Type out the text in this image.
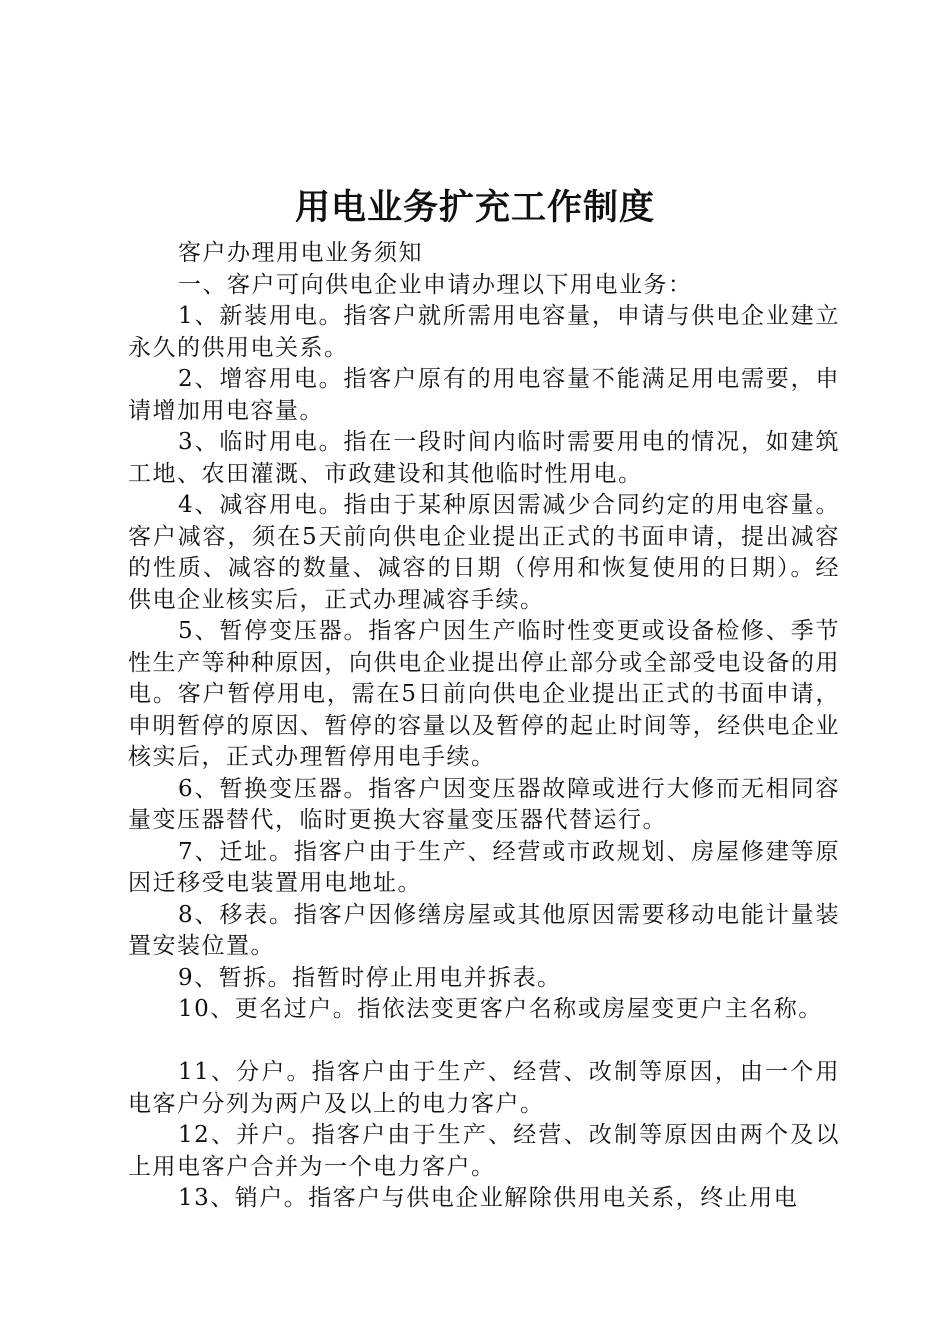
用电业务扩充工作制度

客户办理用电业务须知

一、客户可向供电企业申请办理以下用电业务：

1、新装用电。指客户就所需用电容量，申请与供电企业建立永久的供用电关系。

2、增容用电。指客户原有的用电容量不能满足用电需要，申请增加用电容量。

3、临时用电。指在一段时间内临时需要用电的情况，如建筑工地、农田灌溉、市政建设和其他临时性用电。

4、减容用电。指由于某种原因需减少合同约定的用电容量。客户减容，须在5天前向供电企业提出正式的书面申请，提出减容的性质、减容的数量、减容的日期（停用和恢复使用的日期）。经供电企业核实后，正式办理减容手续。

5、暂停变压器。指客户因生产临时性变更或设备检修、季节性生产等种种原因，向供电企业提出停止部分或全部受电设备的用电。客户暂停用电，需在5日前向供电企业提出正式的书面申请，申明暂停的原因、暂停的容量以及暂停的起止时间等，经供电企业核实后，正式办理暂停用电手续。

6、暂换变压器。指客户因变压器故障或进行大修而无相同容量变压器替代，临时更换大容量变压器代替运行。

7、迁址。指客户由于生产、经营或市政规划、房屋修建等原因迁移受电装置用电地址。

8、移表。指客户因修缮房屋或其他原因需要移动电能计量装置安装位置。

9、暂拆。指暂时停止用电并拆表。

10、更名过户。指依法变更客户名称或房屋变更户主名称。

11、分户。指客户由于生产、经营、改制等原因，由一个用电客户分列为两户及以上的电力客户。

12、并户。指客户由于生产、经营、改制等原因由两个及以上用电客户合并为一个电力客户。

13、销户。指客户与供电企业解除供用电关系，终止用电
